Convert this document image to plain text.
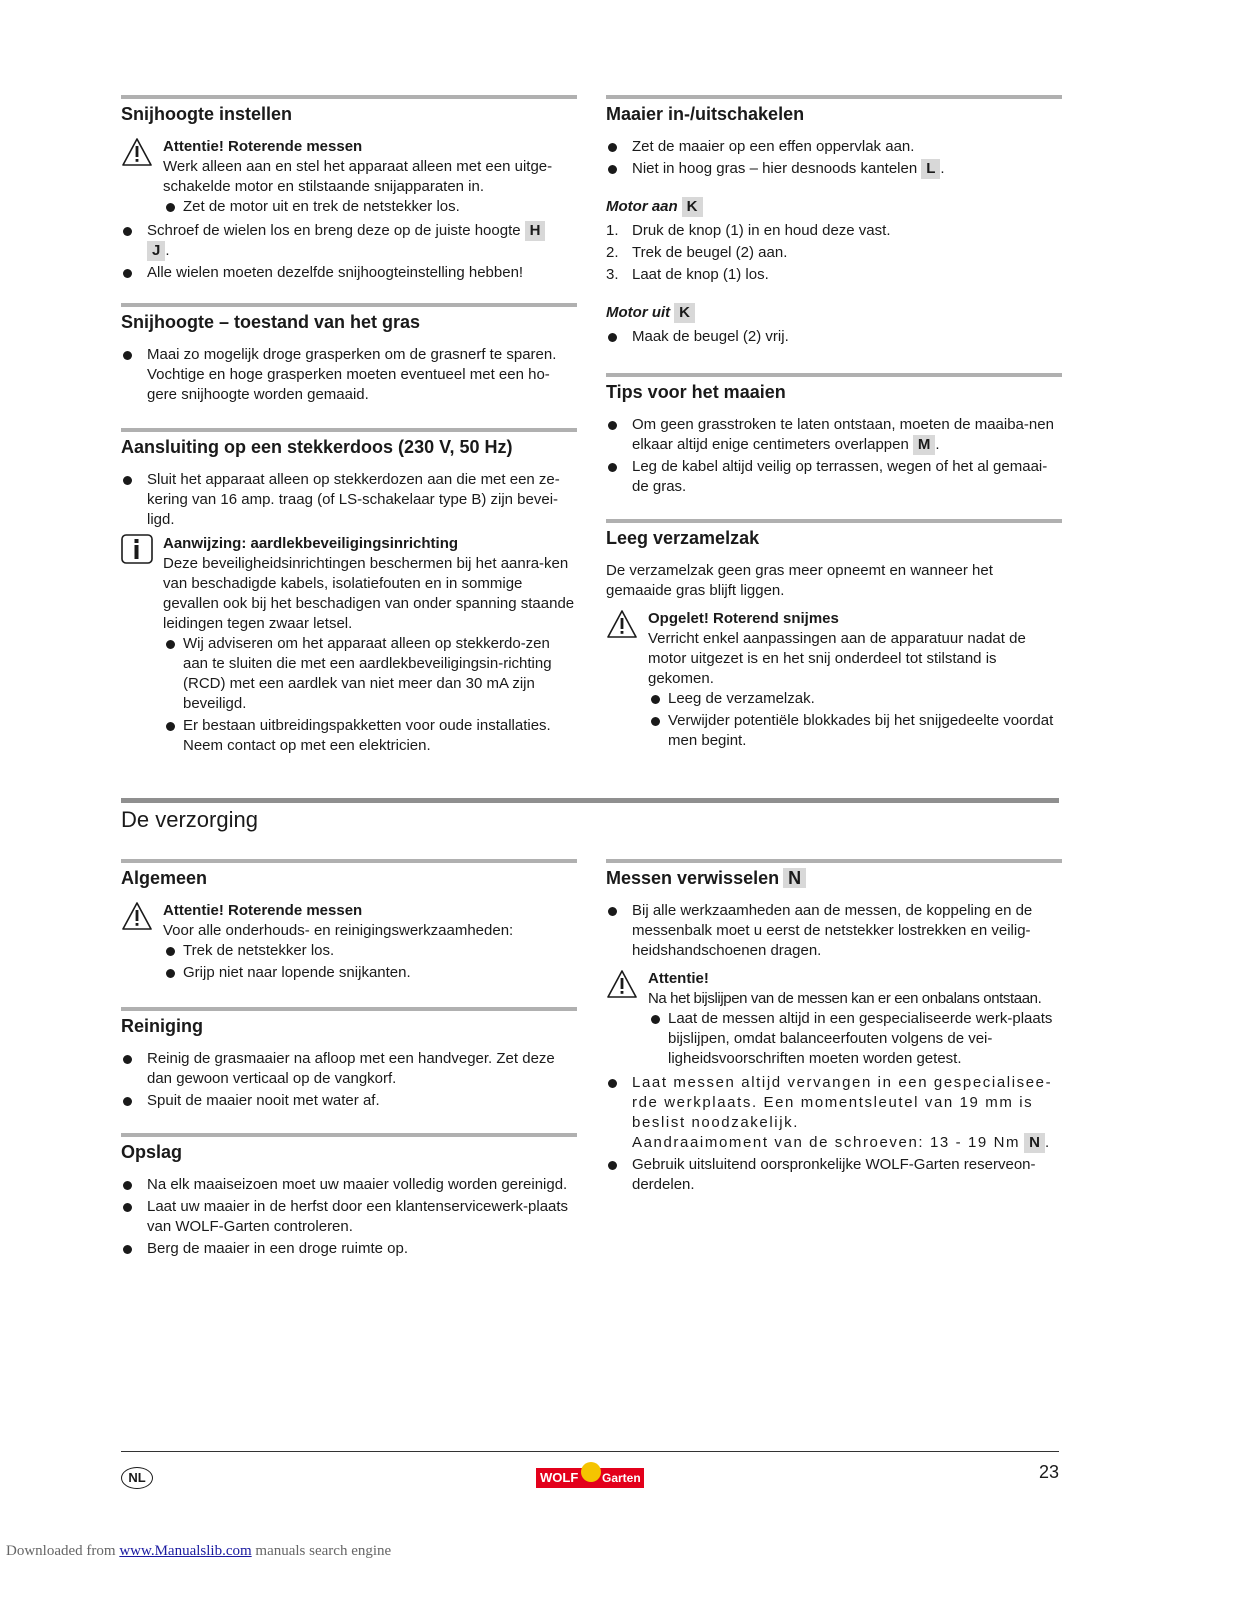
Snijhoogte instellen
Attentie! Roterende messen

Werk alleen aan en stel het apparaat alleen met een uitge-schakelde motor en stilstaande snijapparaten in.

Zet de motor uit en trek de netstekker los.
Schroef de wielen los en breng deze op de juiste hoogte H
J .
Alle wielen moeten dezelfde snijhoogteinstelling hebben!
Snijhoogte – toestand van het gras
Maai zo mogelijk droge grasperken om de grasnerf te sparen. Vochtige en hoge grasperken moeten eventueel met een ho-gere snijhoogte worden gemaaid.
Aansluiting op een stekkerdoos (230 V, 50 Hz)
Sluit het apparaat alleen op stekkerdozen aan die met een ze-kering van 16 amp. traag (of LS-schakelaar type B) zijn bevei-ligd.
Aanwijzing: aardlekbeveiligingsinrichting

Deze beveiligheidsinrichtingen beschermen bij het aanra-ken van beschadigde kabels, isolatiefouten en in sommige gevallen ook bij het beschadigen van onder spanning staande leidingen tegen zwaar letsel.

Wij adviseren om het apparaat alleen op stekkerdo-zen aan te sluiten die met een aardlekbeveiligingsin-richting (RCD) met een aardlek van niet meer dan 30 mA zijn beveiligd.
Er bestaan uitbreidingspakketten voor oude installaties. Neem contact op met een elektricien.
Maaier in-/uitschakelen
Zet de maaier op een effen oppervlak aan.
Niet in hoog gras – hier desnoods kantelen L .
Motor aan K
1. Druk de knop (1) in en houd deze vast.
2. Trek de beugel (2) aan.
3. Laat de knop (1) los.
Motor uit K
Maak de beugel (2) vrij.
Tips voor het maaien
Om geen grasstroken te laten ontstaan, moeten de maaiba-nen elkaar altijd enige centimeters overlappen M .
Leg de kabel altijd veilig op terrassen, wegen of het al gemaai-de gras.
Leeg verzamelzak

De verzamelzak geen gras meer opneemt en wanneer het gemaaide gras blijft liggen.

Opgelet! Roterend snijmes

Verricht enkel aanpassingen aan de apparatuur nadat de motor uitgezet is en het snij onderdeel tot stilstand is gekomen.

Leeg de verzamelzak.
Verwijder potentiële blokkades bij het snijgedeelte voordat men begint.
De verzorging
Algemeen
Attentie! Roterende messen

Voor alle onderhouds- en reinigingswerkzaamheden:

Trek de netstekker los.
Grijp niet naar lopende snijkanten.
Reiniging
Reinig de grasmaaier na afloop met een handveger. Zet deze dan gewoon verticaal op de vangkorf.
Spuit de maaier nooit met water af.
Opslag
Na elk maaiseizoen moet uw maaier volledig worden gereinigd.
Laat uw maaier in de herfst door een klantenservicewerk-plaats van WOLF-Garten controleren.
Berg de maaier in een droge ruimte op.
Messen verwisselen N
Bij alle werkzaamheden aan de messen, de koppeling en de messenbalk moet u eerst de netstekker lostrekken en veilig-heidshandschoenen dragen.
Attentie!

Na het bijslijpen van de messen kan er een onbalans ontstaan.

Laat de messen altijd in een gespecialiseerde werk-plaats bijslijpen, omdat balanceerfouten volgens de vei-ligheidsvoorschriften moeten worden getest.
Laat messen altijd vervangen in een gespecialisee-rde werkplaats. Een momentsleutel van 19 mm is beslist noodzakelijk.
Aandraaimoment van de schroeven: 13 - 19 Nm N .
Gebruik uitsluitend oorspronkelijke WOLF-Garten reserveon-derdelen.
NL	WOLF Garten	23
Downloaded from www.Manualslib.com manuals search engine
